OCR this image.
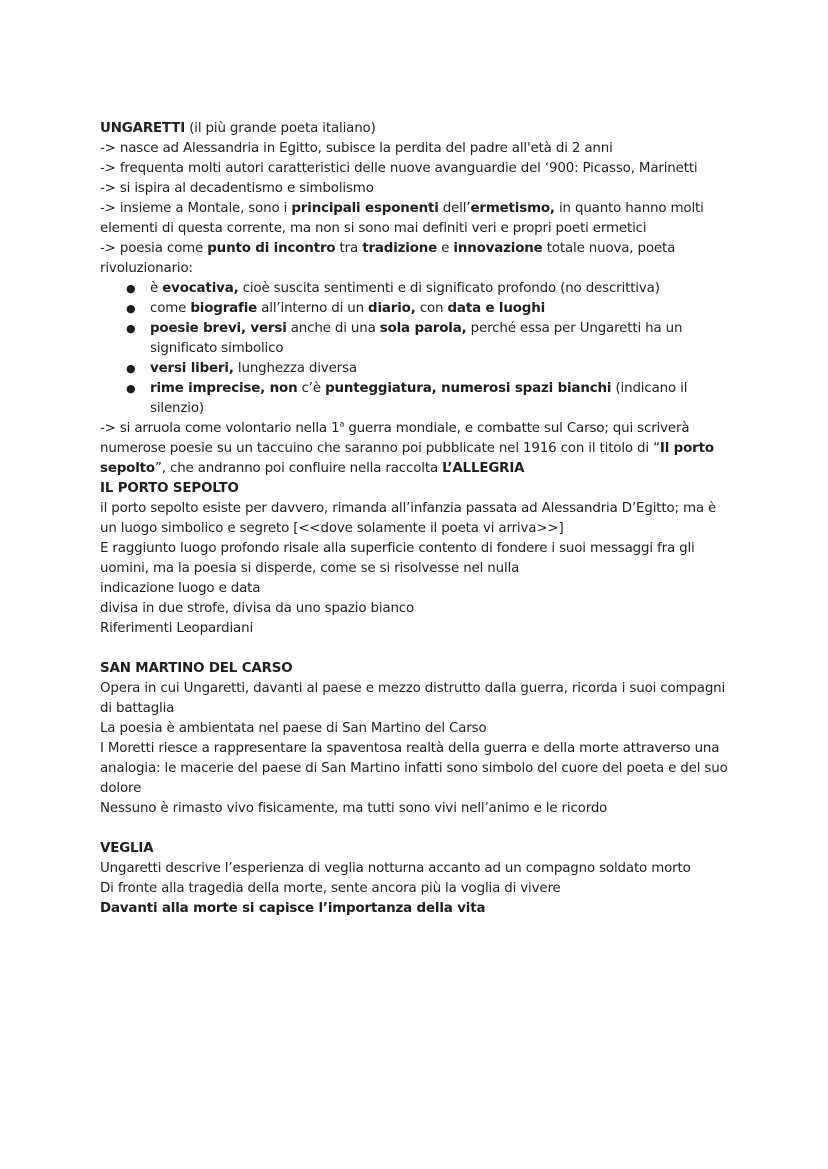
UNGARETTI (il più grande poeta italiano)

-> nasce ad Alessandria in Egitto, subisce la perdita del padre all'età di 2 anni

-> frequenta molti autori caratteristici delle nuove avanguardie del ‘900: Picasso, Marinetti

-> si ispira al decadentismo e simbolismo

-> insieme a Montale, sono i principali esponenti dell’ermetismo, in quanto hanno molti elementi di questa corrente, ma non si sono mai definiti veri e propri poeti ermetici

-> poesia come punto di incontro tra tradizione e innovazione totale nuova, poeta rivoluzionario:

● è evocativa, cioè suscita sentimenti e di significato profondo (no descrittiva)
● come biografie all’interno di un diario, con data e luoghi
● poesie brevi, versi anche di una sola parola, perché essa per Ungaretti ha un significato simbolico
● versi liberi, lunghezza diversa
● rime imprecise, non c’è punteggiatura, numerosi spazi bianchi (indicano il silenzio)

-> si arruola come volontario nella 1$^a$ guerra mondiale, e combatte sul Carso; qui scriverà numerose poesie su un taccuino che saranno poi pubblicate nel 1916 con il titolo di “Il porto sepolto”, che andranno poi confluire nella raccolta L’ALLEGRIA

IL PORTO SEPOLTO

il porto sepolto esiste per davvero, rimanda all’infanzia passata ad Alessandria D’Egitto; ma è un luogo simbolico e segreto [<<dove solamente il poeta vi arriva>>]

E raggiunto luogo profondo risale alla superficie contento di fondere i suoi messaggi fra gli uomini, ma la poesia si disperde, come se si risolvesse nel nulla

indicazione luogo e data

divisa in due strofe, divisa da uno spazio bianco

Riferimenti Leopardiani

SAN MARTINO DEL CARSO

Opera in cui Ungaretti, davanti al paese e mezzo distrutto dalla guerra, ricorda i suoi compagni di battaglia

La poesia è ambientata nel paese di San Martino del Carso

I Moretti riesce a rappresentare la spaventosa realtà della guerra e della morte attraverso una analogia: le macerie del paese di San Martino infatti sono simbolo del cuore del poeta e del suo dolore

Nessuno è rimasto vivo fisicamente, ma tutti sono vivi nell’animo e le ricordo

VEGLIA

Ungaretti descrive l’esperienza di veglia notturna accanto ad un compagno soldato morto

Di fronte alla tragedia della morte, sente ancora più la voglia di vivere

Davanti alla morte si capisce l’importanza della vita
